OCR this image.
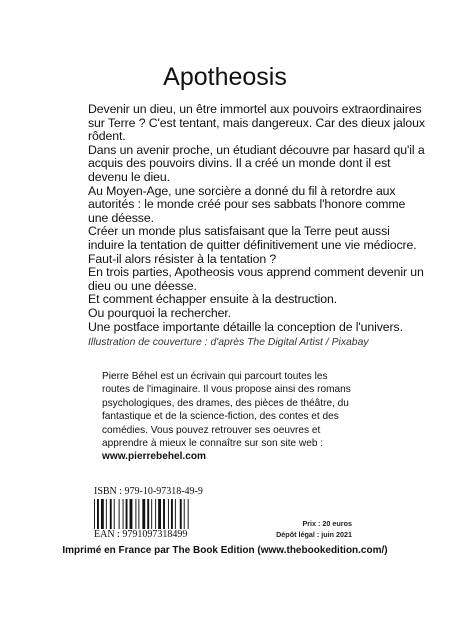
Apotheosis

Devenir un dieu, un être immortel aux pouvoirs extraordinaires sur Terre ? C'est tentant, mais dangereux. Car des dieux jaloux rôdent.

Dans un avenir proche, un étudiant découvre par hasard qu'il a acquis des pouvoirs divins. Il a créé un monde dont il est devenu le dieu.

Au Moyen-Age, une sorcière a donné du fil à retordre aux autorités : le monde créé pour ses sabbats l'honore comme une déesse.

Créer un monde plus satisfaisant que la Terre peut aussi induire la tentation de quitter définitivement une vie médiocre. Faut-il alors résister à la tentation ?

En trois parties, Apotheosis vous apprend comment devenir un dieu ou une déesse.

Et comment échapper ensuite à la destruction.

Ou pourquoi la rechercher.

Une postface importante détaille la conception de l'univers.

Illustration de couverture : d'après The Digital Artist / Pixabay

Pierre Béhel est un écrivain qui parcourt toutes les routes de l'imaginaire. Il vous propose ainsi des romans psychologiques, des drames, des pièces de théâtre, du fantastique et de la science-fiction, des contes et des comédies. Vous pouvez retrouver ses oeuvres et apprendre à mieux le connaître sur son site web :

www.pierrebehel.com

ISBN : 979-10-97318-49-9
EAN : 9791097318499
Prix : 20 euros
Dépôt légal : juin 2021
Imprimé en France par The Book Edition (www.thebookedition.com/)
